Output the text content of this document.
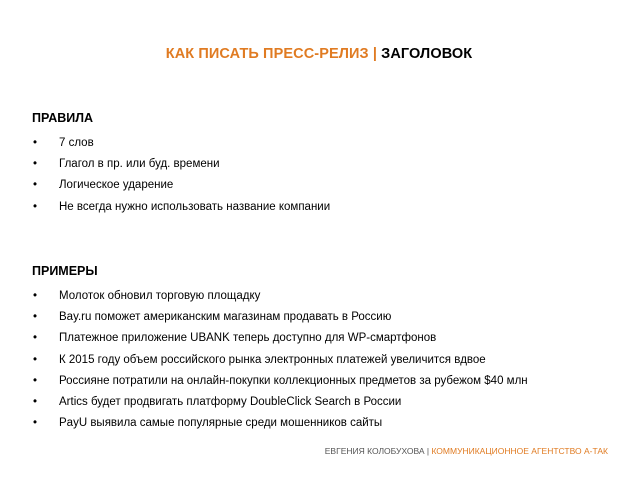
КАК ПИСАТЬ ПРЕСС-РЕЛИЗ | ЗАГОЛОВОК
ПРАВИЛА
• 7 слов
• Глагол в пр. или буд. времени
• Логическое ударение
• Не всегда нужно использовать название компании
ПРИМЕРЫ
• Молоток обновил торговую площадку
• Bay.ru поможет американским магазинам продавать в Россию
• Платежное приложение UBANK теперь доступно для WP-смартфонов
• К 2015 году объем российского рынка электронных платежей увеличится вдвое
• Россияне потратили на онлайн-покупки коллекционных предметов за рубежом $40 млн
• Artics будет продвигать платформу DoubleClick Search в России
• PayU выявила самые популярные среди мошенников сайты
ЕВГЕНИЯ КОЛОБУХОВА | КОММУНИКАЦИОННОЕ АГЕНТСТВО А-ТАК
